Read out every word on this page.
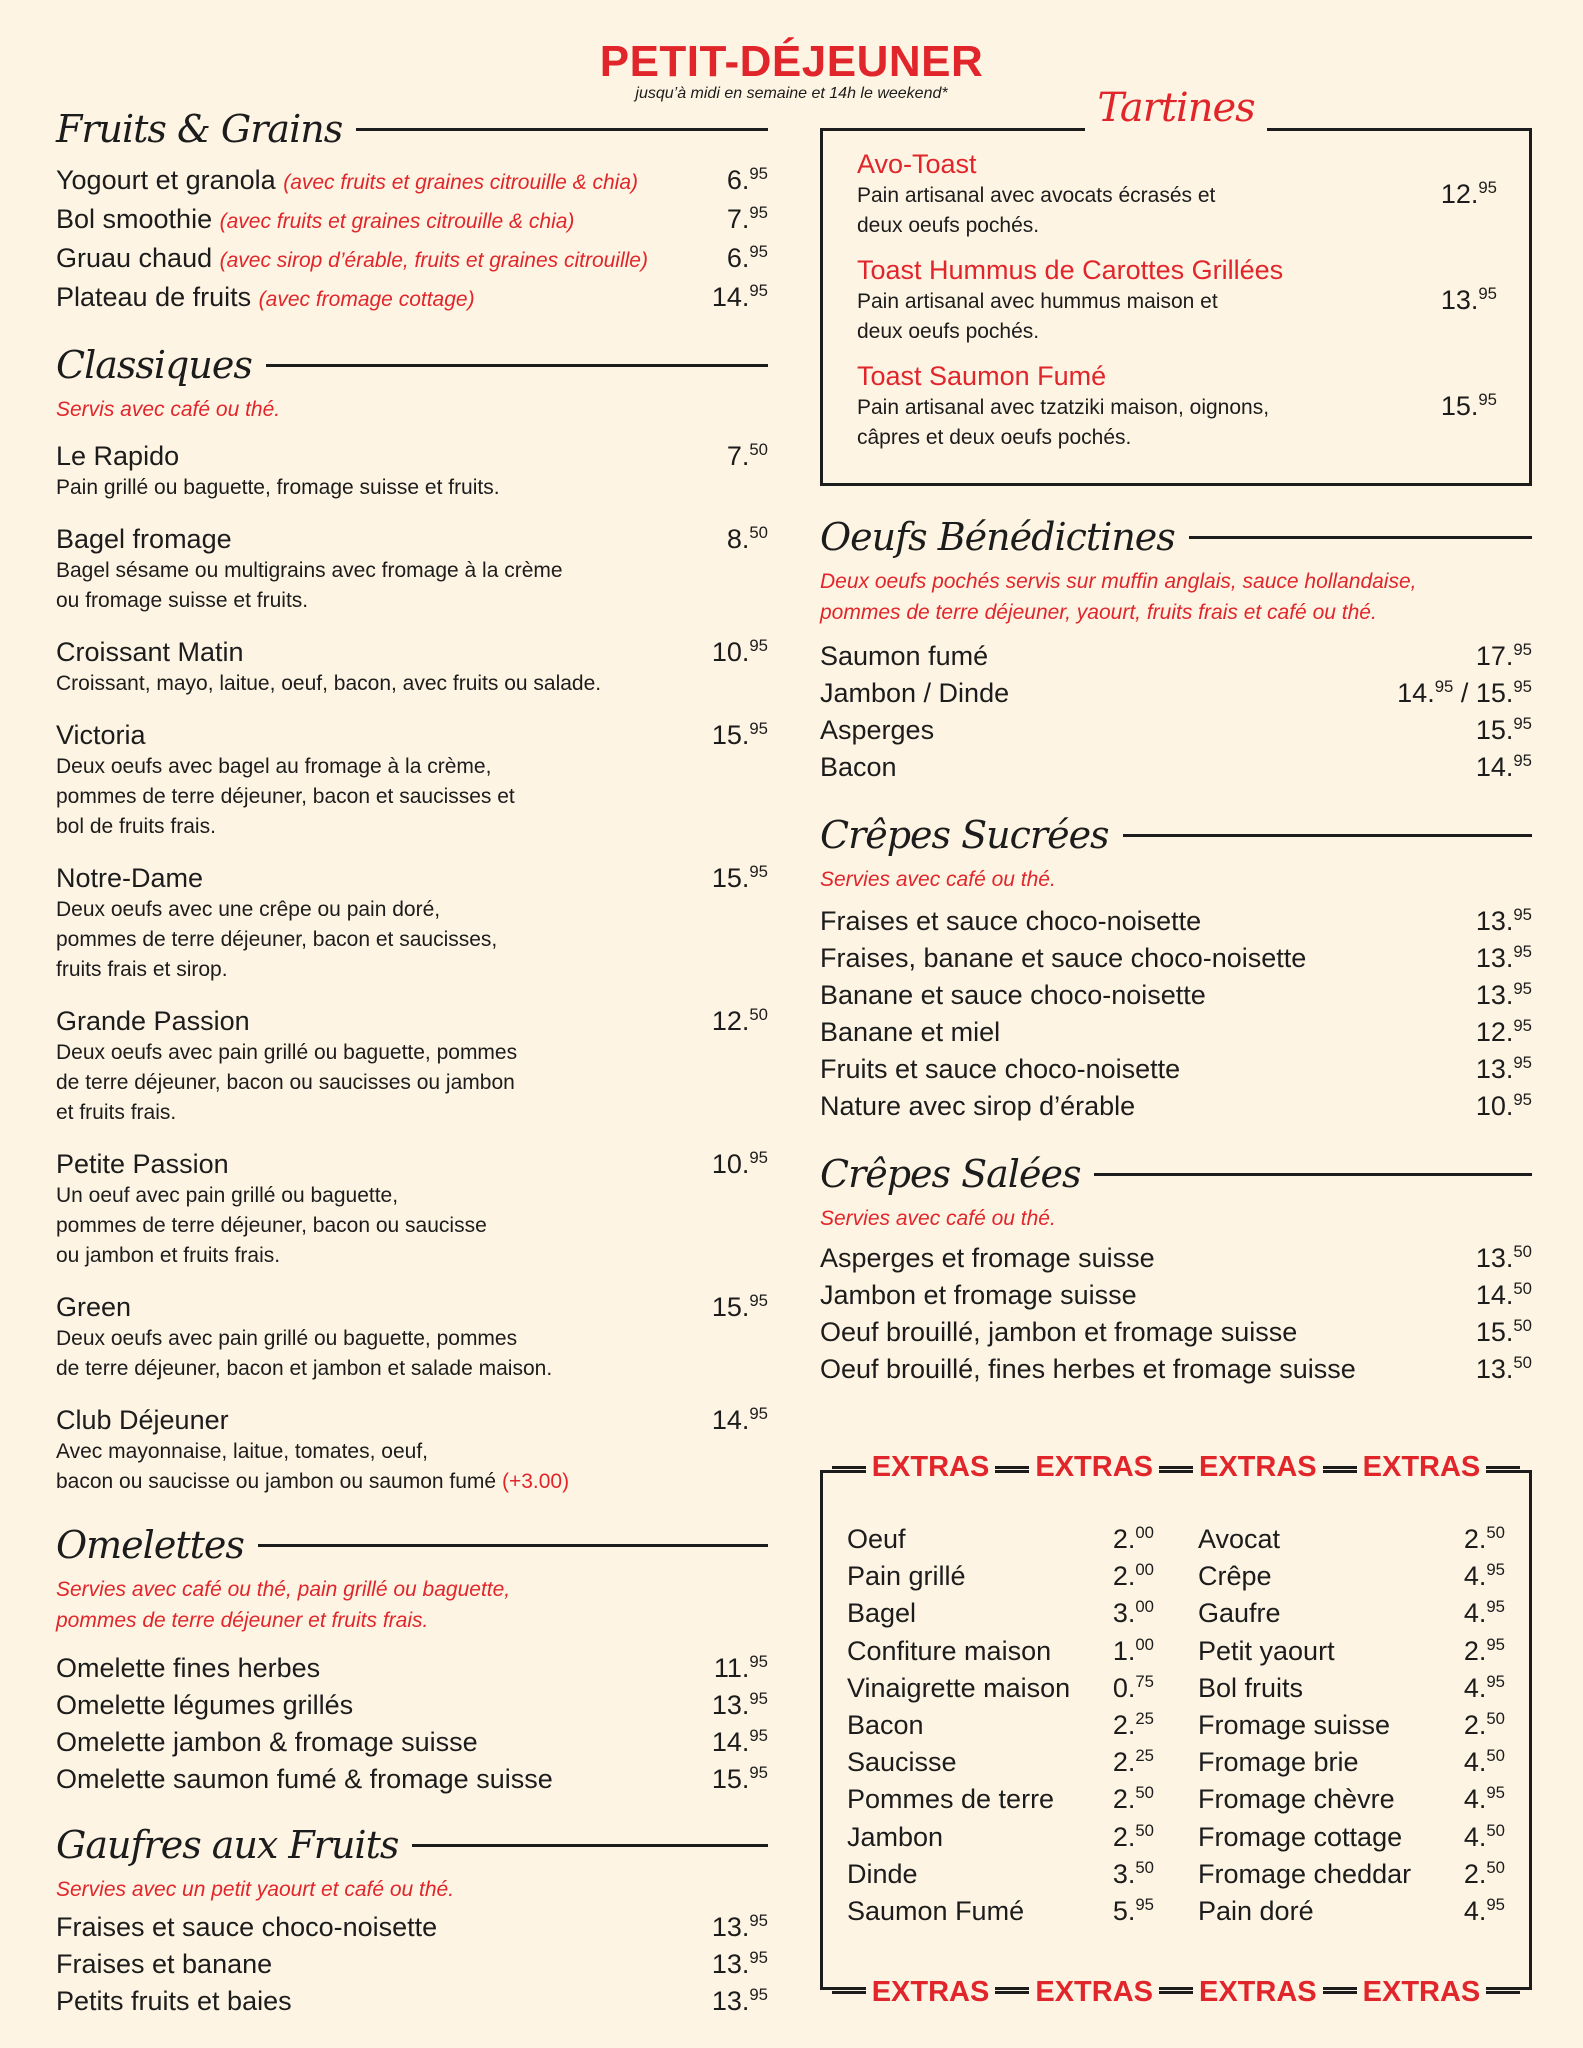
PETIT-DÉJEUNER
jusqu’à midi en semaine et 14h le weekend*
Fruits & Grains
Yogourt et granola (avec fruits et graines citrouille & chia)	6.95
Bol smoothie (avec fruits et graines citrouille & chia)	7.95
Gruau chaud (avec sirop d’érable, fruits et graines citrouille)	6.95
Plateau de fruits (avec fromage cottage)	14.95
Classiques
Servis avec café ou thé.
Le Rapido	7.50
Pain grillé ou baguette, fromage suisse et fruits.
Bagel fromage	8.50
Bagel sésame ou multigrains avec fromage à la crème
ou fromage suisse et fruits.
Croissant Matin	10.95
Croissant, mayo, laitue, oeuf, bacon, avec fruits ou salade.
Victoria	15.95
Deux oeufs avec bagel au fromage à la crème,
pommes de terre déjeuner, bacon et saucisses et
bol de fruits frais.
Notre-Dame	15.95
Deux oeufs avec une crêpe ou pain doré,
pommes de terre déjeuner, bacon et saucisses,
fruits frais et sirop.
Grande Passion	12.50
Deux oeufs avec pain grillé ou baguette, pommes
de terre déjeuner, bacon ou saucisses ou jambon
et fruits frais.
Petite Passion	10.95
Un oeuf avec pain grillé ou baguette,
pommes de terre déjeuner, bacon ou saucisse
ou jambon et fruits frais.
Green	15.95
Deux oeufs avec pain grillé ou baguette, pommes
de terre déjeuner, bacon et jambon et salade maison.
Club Déjeuner	14.95
Avec mayonnaise, laitue, tomates, oeuf,
bacon ou saucisse ou jambon ou saumon fumé (+3.00)
Omelettes
Servies avec café ou thé, pain grillé ou baguette,
pommes de terre déjeuner et fruits frais.
Omelette fines herbes	11.95
Omelette légumes grillés	13.95
Omelette jambon & fromage suisse	14.95
Omelette saumon fumé & fromage suisse	15.95
Gaufres aux Fruits
Servies avec un petit yaourt et café ou thé.
Fraises et sauce choco-noisette	13.95
Fraises et banane	13.95
Petits fruits et baies	13.95
Tartines
Avo-Toast
Pain artisanal avec avocats écrasés et
deux oeufs pochés.
12.95
Toast Hummus de Carottes Grillées
Pain artisanal avec hummus maison et
deux oeufs pochés.
13.95
Toast Saumon Fumé
Pain artisanal avec tzatziki maison, oignons,
câpres et deux oeufs pochés.
15.95
Oeufs Bénédictines
Deux oeufs pochés servis sur muffin anglais, sauce hollandaise,
pommes de terre déjeuner, yaourt, fruits frais et café ou thé.
Saumon fumé	17.95
Jambon / Dinde	14.95 / 15.95
Asperges	15.95
Bacon	14.95
Crêpes Sucrées
Servies avec café ou thé.
Fraises et sauce choco-noisette	13.95
Fraises, banane et sauce choco-noisette	13.95
Banane et sauce choco-noisette	13.95
Banane et miel	12.95
Fruits et sauce choco-noisette	13.95
Nature avec sirop d’érable	10.95
Crêpes Salées
Servies avec café ou thé.
Asperges et fromage suisse	13.50
Jambon et fromage suisse	14.50
Oeuf brouillé, jambon et fromage suisse	15.50
Oeuf brouillé, fines herbes et fromage suisse	13.50
EXTRAS EXTRAS EXTRAS EXTRAS
Oeuf	2.00
Pain grillé	2.00
Bagel	3.00
Confiture maison 1.00
Vinaigrette maison 0.75
Bacon	2.25
Saucisse	2.25
Pommes de terre 2.50
Jambon	2.50
Dinde	3.50
Saumon Fumé	5.95
Avocat	2.50
Crêpe	4.95
Gaufre	4.95
Petit yaourt	2.95
Bol fruits	4.95
Fromage suisse	2.50
Fromage brie	4.50
Fromage chèvre	4.95
Fromage cottage 4.50
Fromage cheddar 2.50
Pain doré	4.95
EXTRAS EXTRAS EXTRAS EXTRAS
